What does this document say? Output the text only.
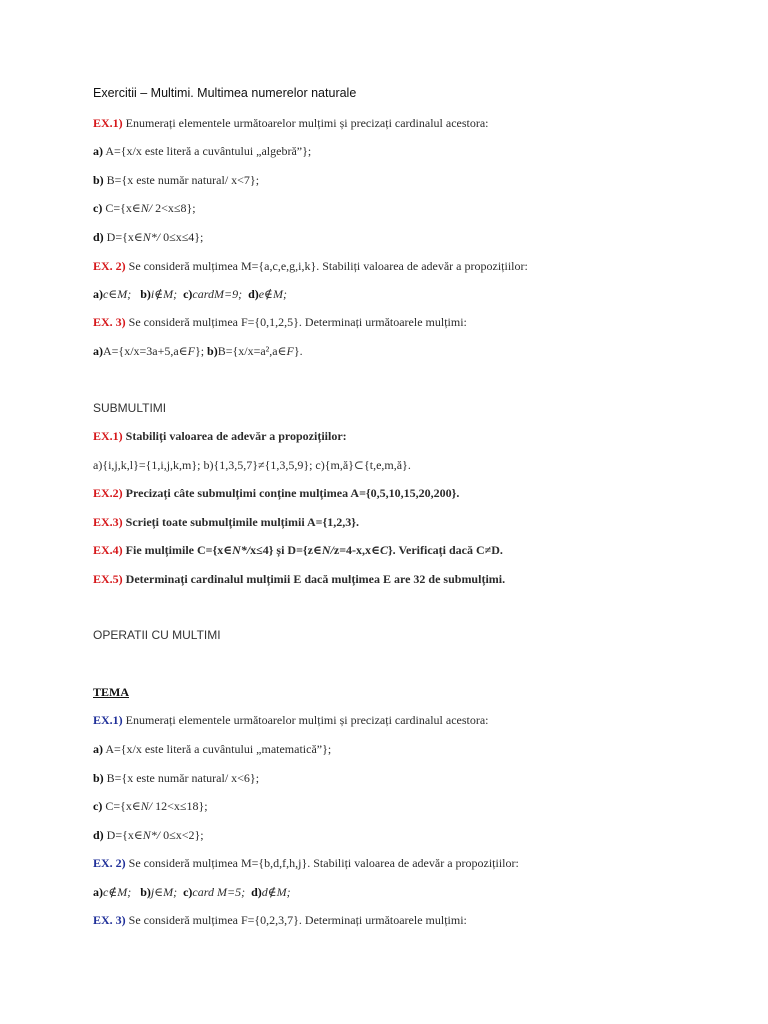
Exercitii – Multimi. Multimea numerelor naturale
EX.1) Enumerați elementele următoarelor mulțimi și precizați cardinalul acestora:
a) A={x/x este literă a cuvântului „algebră”};
b) B={x este număr natural/ x<7};
c) C={x∈N/ 2<x≤8};
d) D={x∈N*/ 0≤x≤4};
EX. 2) Se consideră mulțimea M={a,c,e,g,i,k}. Stabiliți valoarea de adevăr a propozițiilor:
a)c∈M; b)i∉M; c)cardM=9; d)e∉M;
EX. 3) Se consideră mulțimea F={0,1,2,5}. Determinați următoarele mulțimi:
a)A={x/x=3a+5,a∈F}; b)B={x/x=a²,a∈F}.
SUBMULTIMI
EX.1) Stabiliți valoarea de adevăr a propozițiilor:
a){i,j,k,l}={1,i,j,k,m}; b){1,3,5,7}≠{1,3,5,9}; c){m,ă}⊂{t,e,m,ă}.
EX.2) Precizați câte submulțimi conține mulțimea A={0,5,10,15,20,200}.
EX.3) Scrieți toate submulțimile mulțimii A={1,2,3}.
EX.4) Fie mulțimile C={x∈N*/x≤4} și D={z∈N/z=4-x,x∈C}. Verificați dacă C≠D.
EX.5) Determinați cardinalul mulțimii E dacă mulțimea E are 32 de submulțimi.
OPERATII CU MULTIMI
TEMA
EX.1) Enumerați elementele următoarelor mulțimi și precizați cardinalul acestora:
a) A={x/x este literă a cuvântului „matematică”};
b) B={x este număr natural/ x<6};
c) C={x∈N/ 12<x≤18};
d) D={x∈N*/ 0≤x<2};
EX. 2) Se consideră mulțimea M={b,d,f,h,j}. Stabiliți valoarea de adevăr a propozițiilor:
a)c∉M; b)j∈M; c)card M=5; d)d∉M;
EX. 3) Se consideră mulțimea F={0,2,3,7}. Determinați următoarele mulțimi:
